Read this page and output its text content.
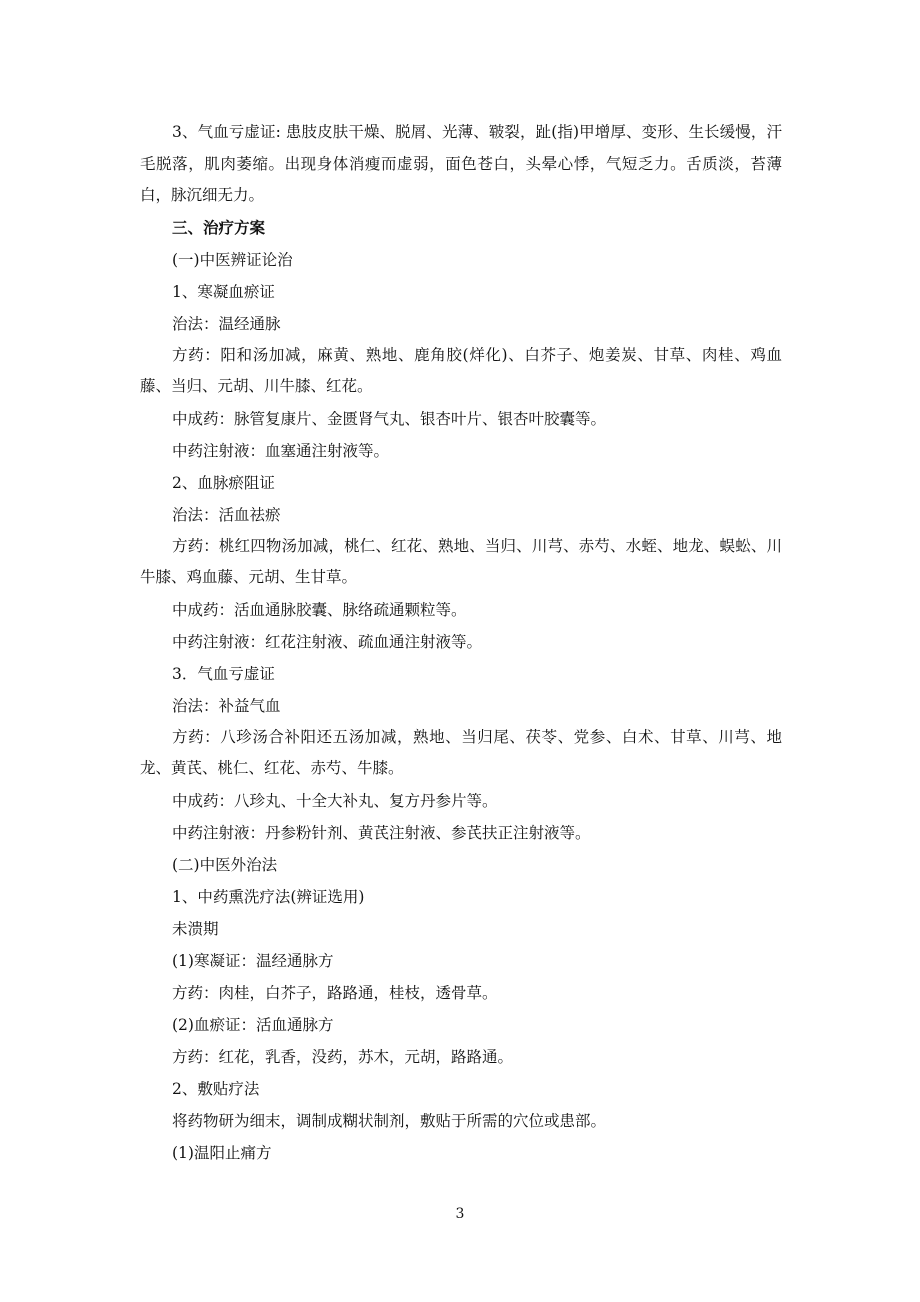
3、气血亏虚证: 患肢皮肤干燥、脱屑、光薄、皲裂，趾(指)甲增厚、变形、生长缓慢，汗毛脱落，肌肉萎缩。出现身体消瘦而虚弱，面色苍白，头晕心悸，气短乏力。舌质淡，苔薄白，脉沉细无力。

三、治疗方案

(一)中医辨证论治

1、寒凝血瘀证

治法：温经通脉

方药：阳和汤加减，麻黄、熟地、鹿角胶(烊化)、白芥子、炮姜炭、甘草、肉桂、鸡血藤、当归、元胡、川牛膝、红花。

中成药：脉管复康片、金匮肾气丸、银杏叶片、银杏叶胶囊等。

中药注射液：血塞通注射液等。

2、血脉瘀阻证

治法：活血祛瘀

方药：桃红四物汤加减，桃仁、红花、熟地、当归、川芎、赤芍、水蛭、地龙、蜈蚣、川牛膝、鸡血藤、元胡、生甘草。

中成药：活血通脉胶囊、脉络疏通颗粒等。

中药注射液：红花注射液、疏血通注射液等。

3．气血亏虚证

治法：补益气血

方药：八珍汤合补阳还五汤加减，熟地、当归尾、茯苓、党参、白术、甘草、川芎、地龙、黄芪、桃仁、红花、赤芍、牛膝。

中成药：八珍丸、十全大补丸、复方丹参片等。

中药注射液：丹参粉针剂、黄芪注射液、参芪扶正注射液等。

(二)中医外治法

1、中药熏洗疗法(辨证选用)

未溃期

(1)寒凝证：温经通脉方

方药：肉桂，白芥子，路路通，桂枝，透骨草。

(2)血瘀证：活血通脉方

方药：红花，乳香，没药，苏木，元胡，路路通。

2、敷贴疗法

将药物研为细末，调制成糊状制剂，敷贴于所需的穴位或患部。

(1)温阳止痛方

3
